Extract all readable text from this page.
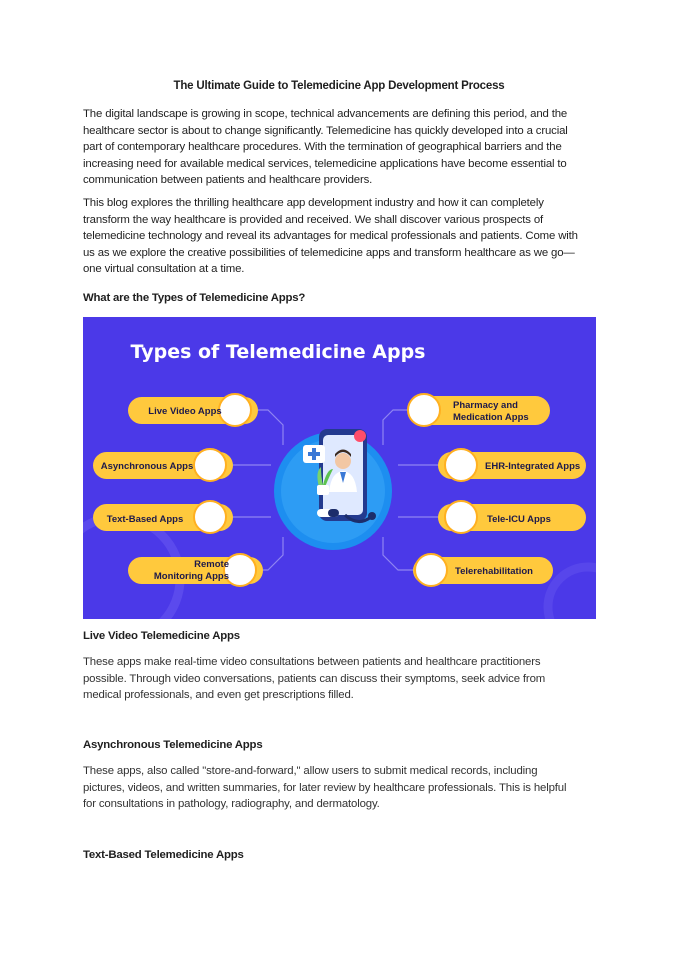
The Ultimate Guide to Telemedicine App Development Process

The digital landscape is growing in scope, technical advancements are defining this period, and the
healthcare sector is about to change significantly. Telemedicine has quickly developed into a crucial
part of contemporary healthcare procedures. With the termination of geographical barriers and the
increasing need for available medical services, telemedicine applications have become essential to
communication between patients and healthcare providers.

This blog explores the thrilling healthcare app development industry and how it can completely
transform the way healthcare is provided and received. We shall discover various prospects of
telemedicine technology and reveal its advantages for medical professionals and patients. Come with
us as we explore the creative possibilities of telemedicine apps and transform healthcare as we go—
one virtual consultation at a time.

What are the Types of Telemedicine Apps?
Types of Telemedicine Apps
Live Video Apps
Asynchronous Apps
Text-Based Apps
Remote
Monitoring Apps
Pharmacy and
Medication Apps
EHR-Integrated Apps
Tele-ICU Apps
Telerehabilitation
Live Video Telemedicine Apps

These apps make real-time video consultations between patients and healthcare practitioners
possible. Through video conversations, patients can discuss their symptoms, seek advice from
medical professionals, and even get prescriptions filled.

Asynchronous Telemedicine Apps

These apps, also called "store-and-forward," allow users to submit medical records, including
pictures, videos, and written summaries, for later review by healthcare professionals. This is helpful
for consultations in pathology, radiography, and dermatology.

Text-Based Telemedicine Apps
